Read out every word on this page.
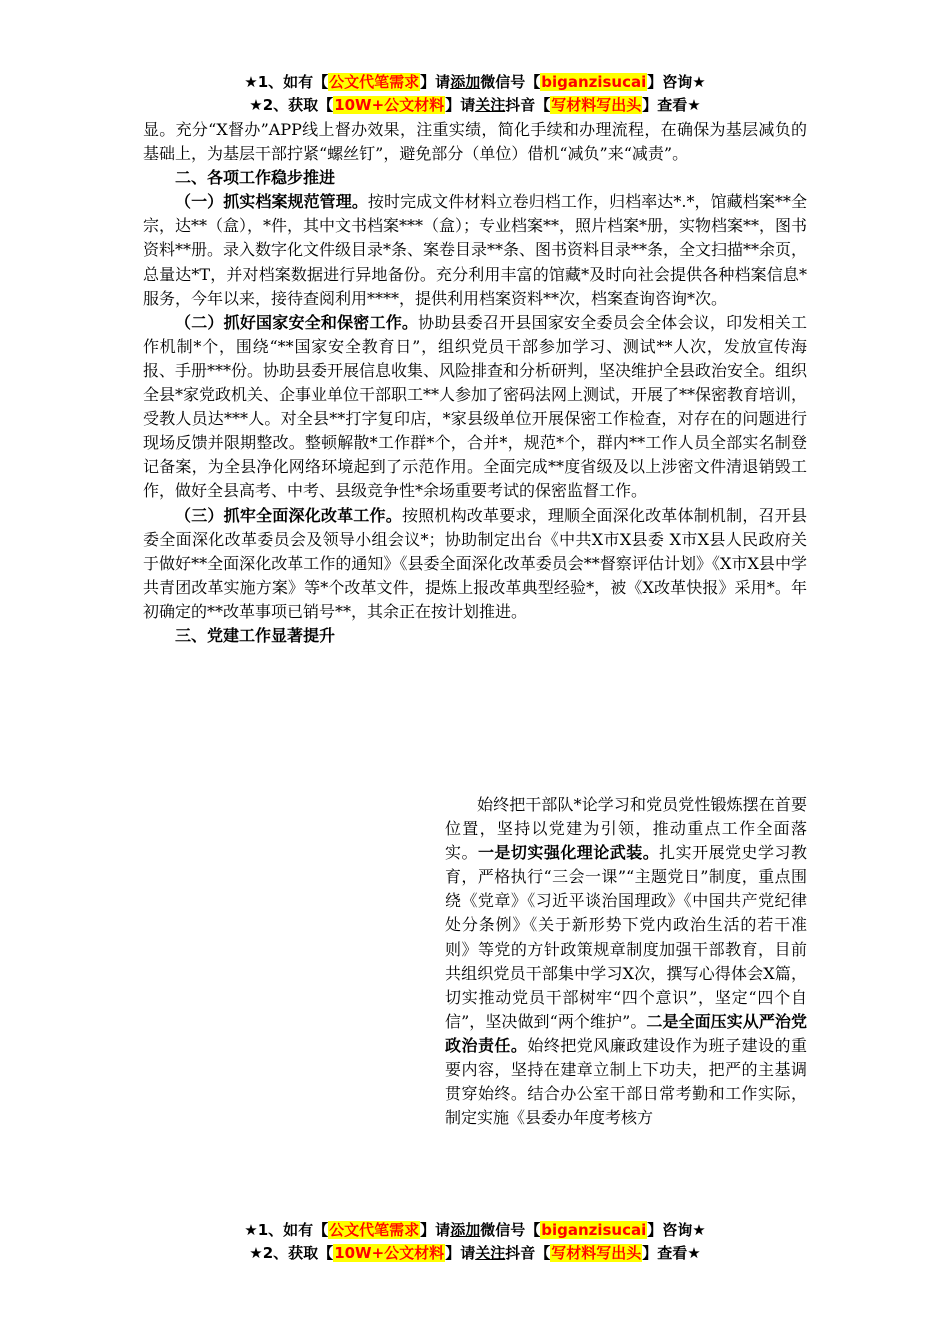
★1、如有【公文代笔需求】请添加微信号【biganzisucai】咨询★
★2、获取【10W+公文材料】请关注抖音【写材料写出头】查看★

显。充分“X督办”APP线上督办效果，注重实绩，简化手续和办理流程，在确保为基层减负的基础上，为基层干部拧紧“螺丝钉”，避免部分（单位）借机“减负”来“减责”。

二、各项工作稳步推进

（一）抓实档案规范管理。按时完成文件材料立卷归档工作，归档率达*.*，馆藏档案**全宗，达**（盒），*件，其中文书档案***（盒）；专业档案**，照片档案*册，实物档案**，图书资料**册。录入数字化文件级目录*条、案卷目录**条、图书资料目录**条，全文扫描**余页，总量达*T，并对档案数据进行异地备份。充分利用丰富的馆藏*及时向社会提供各种档案信息*服务，今年以来，接待查阅利用****，提供利用档案资料**次，档案查询咨询*次。

（二）抓好国家安全和保密工作。协助县委召开县国家安全委员会全体会议，印发相关工作机制*个，围绕“**国家安全教育日”，组织党员干部参加学习、测试**人次，发放宣传海报、手册***份。协助县委开展信息收集、风险排查和分析研判，坚决维护全县政治安全。组织全县*家党政机关、企事业单位干部职工**人参加了密码法网上测试，开展了**保密教育培训，受教人员达***人。对全县**打字复印店，*家县级单位开展保密工作检查，对存在的问题进行现场反馈并限期整改。整顿解散*工作群*个，合并*，规范*个，群内**工作人员全部实名制登记备案，为全县净化网络环境起到了示范作用。全面完成**度省级及以上涉密文件清退销毁工作，做好全县高考、中考、县级竞争性*余场重要考试的保密监督工作。

（三）抓牢全面深化改革工作。按照机构改革要求，理顺全面深化改革体制机制，召开县委全面深化改革委员会及领导小组会议*；协助制定出台《中共X市X县委 X市X县人民政府关于做好**全面深化改革工作的通知》《县委全面深化改革委员会**督察评估计划》《X市X县中学共青团改革实施方案》等*个改革文件，提炼上报改革典型经验*，被《X改革快报》采用*。年初确定的**改革事项已销号**，其余正在按计划推进。

三、党建工作显著提升

始终把干部队*论学习和党员党性锻炼摆在首要位置，坚持以党建为引领，推动重点工作全面落实。一是切实强化理论武装。扎实开展党史学习教育，严格执行“三会一课”“主题党日”制度，重点围绕《党章》《习近平谈治国理政》《中国共产党纪律处分条例》《关于新形势下党内政治生活的若干准则》等党的方针政策规章制度加强干部教育，目前共组织党员干部集中学习X次，撰写心得体会X篇，切实推动党员干部树牢“四个意识”，坚定“四个自信”，坚决做到“两个维护”。二是全面压实从严治党政治责任。始终把党风廉政建设作为班子建设的重要内容，坚持在建章立制上下功夫，把严的主基调贯穿始终。结合办公室干部日常考勤和工作实际，制定实施《县委办年度考核方

★1、如有【公文代笔需求】请添加微信号【biganzisucai】咨询★
★2、获取【10W+公文材料】请关注抖音【写材料写出头】查看★
